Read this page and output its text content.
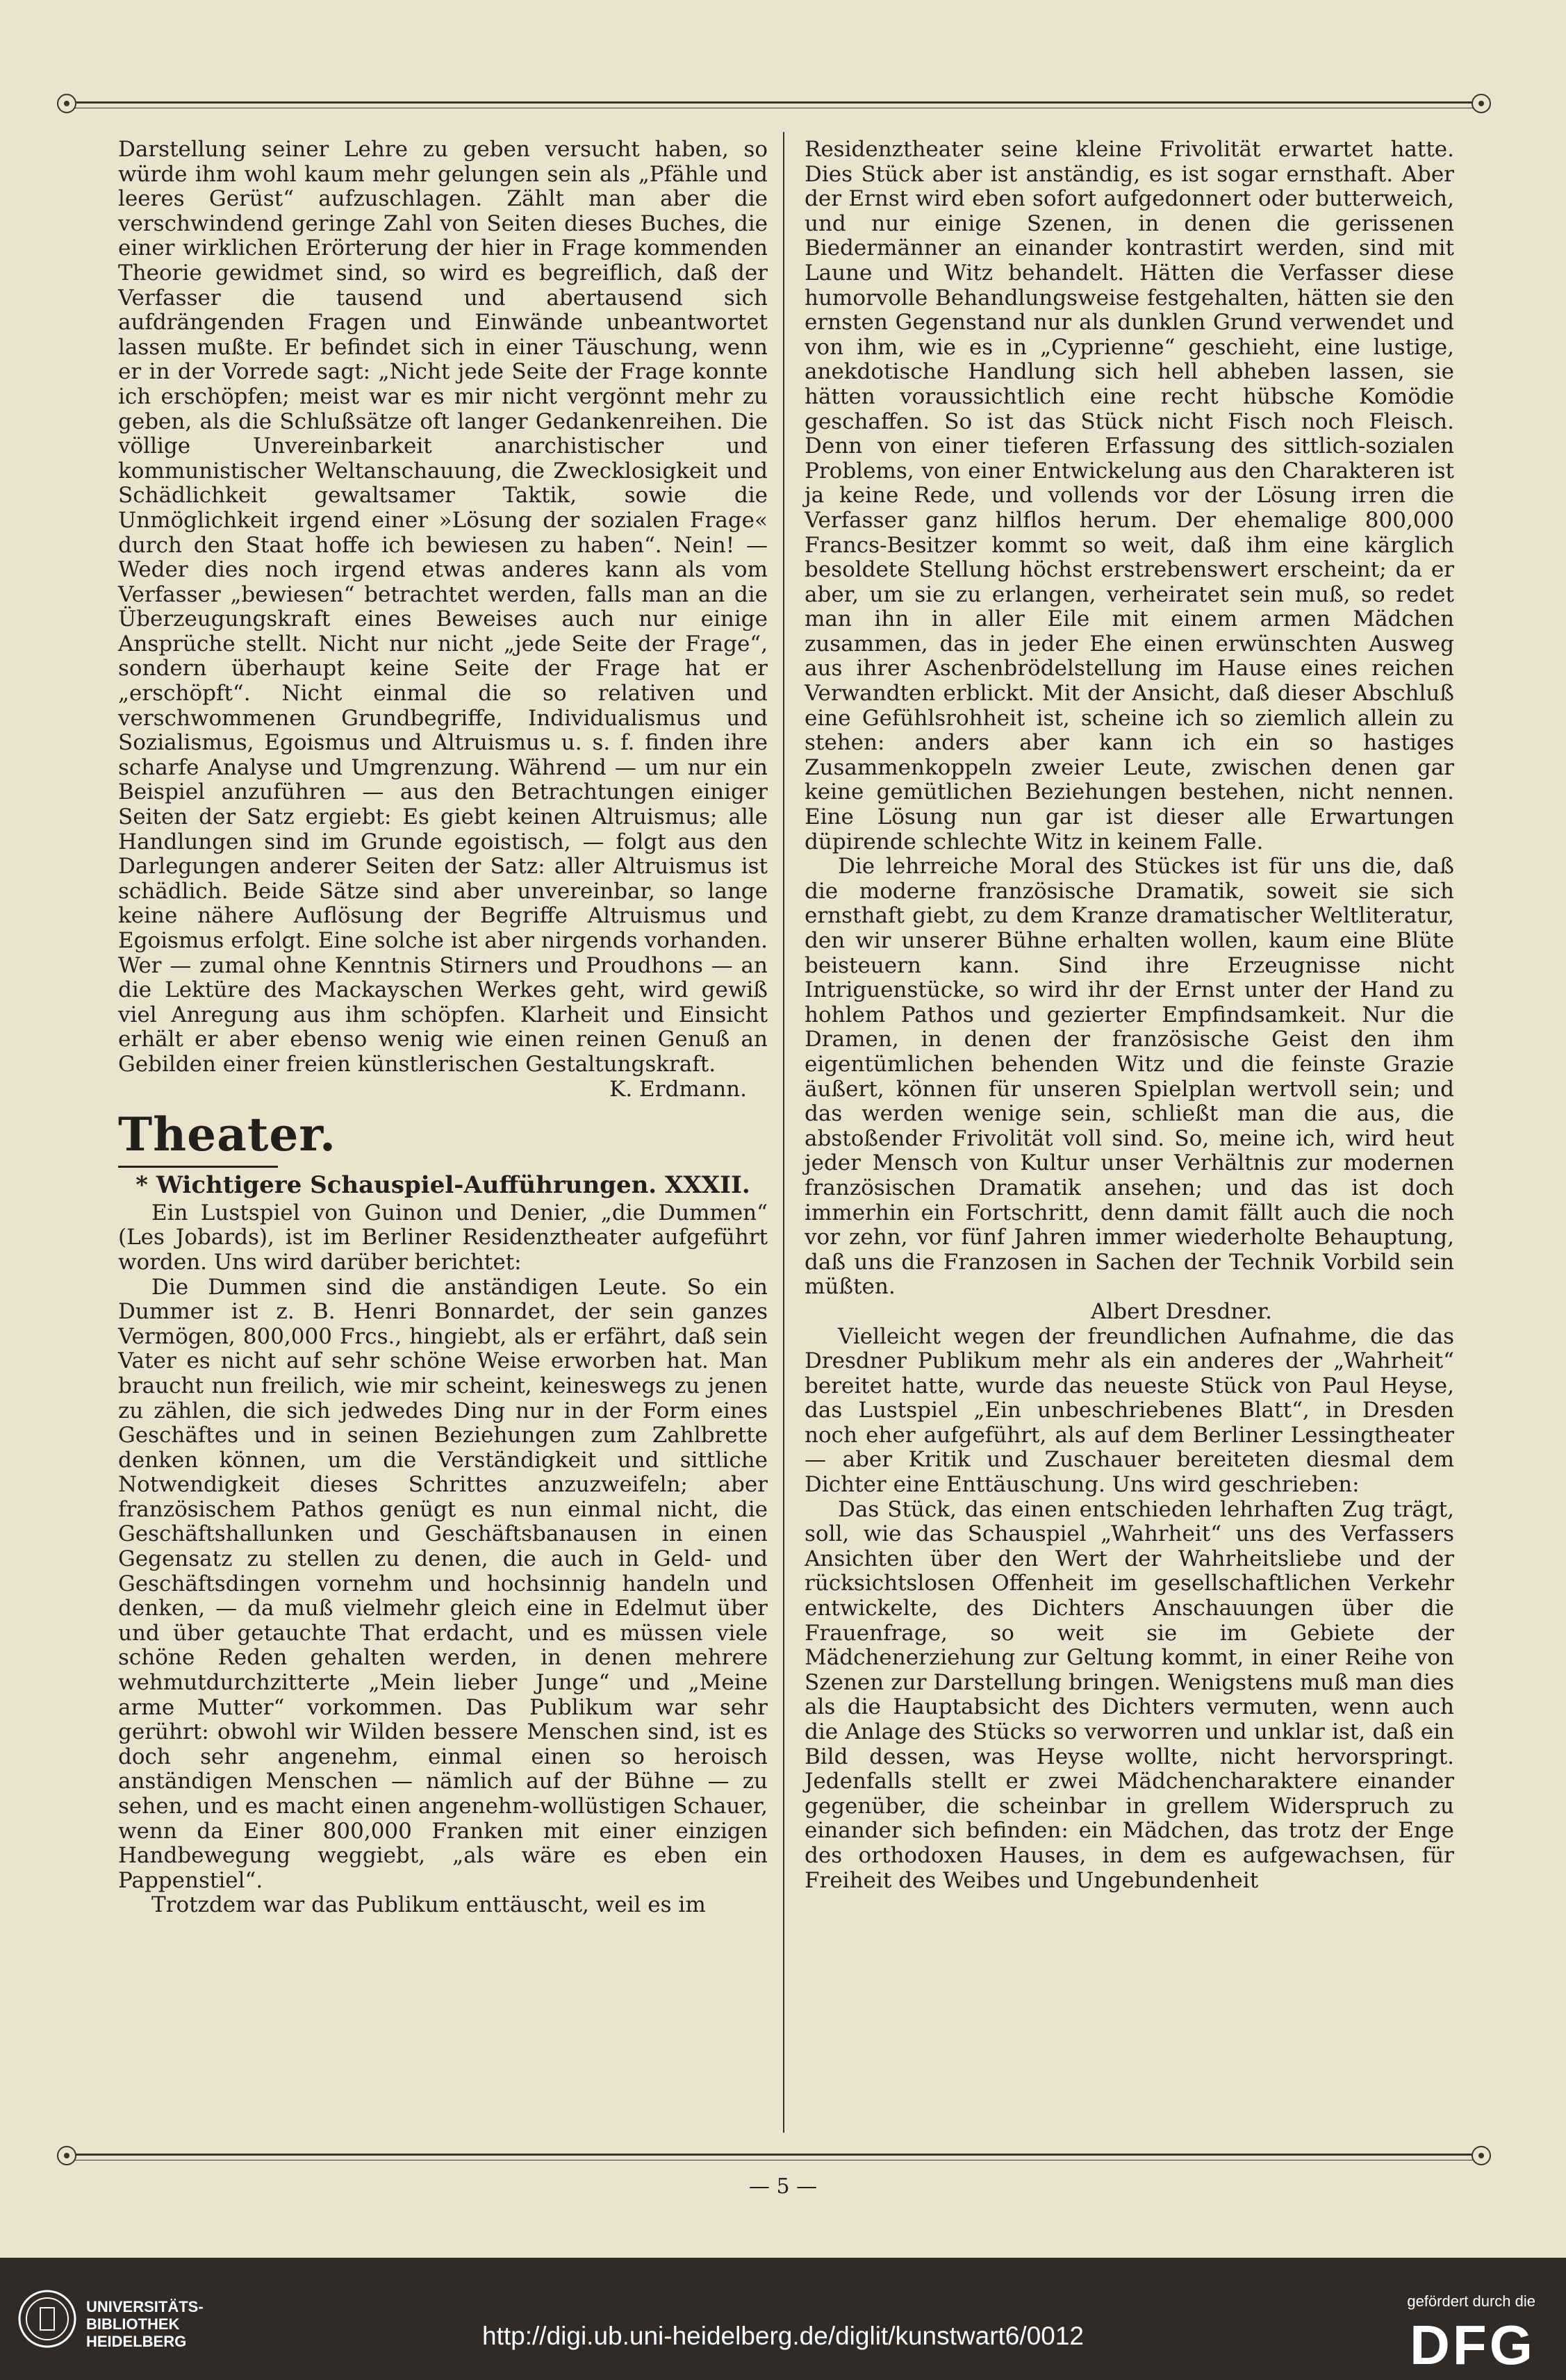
Darstellung seiner Lehre zu geben versucht haben, so würde ihm wohl kaum mehr gelungen sein als „Pfähle und leeres Gerüst“ aufzuschlagen. Zählt man aber die verschwindend geringe Zahl von Seiten dieses Buches, die einer wirklichen Erörterung der hier in Frage kommenden Theorie gewidmet sind, so wird es begreiflich, daß der Verfasser die tausend und abertausend sich aufdrängenden Fragen und Einwände unbeantwortet lassen mußte. Er befindet sich in einer Täuschung, wenn er in der Vorrede sagt: „Nicht jede Seite der Frage konnte ich erschöpfen; meist war es mir nicht vergönnt mehr zu geben, als die Schlußsätze oft langer Gedankenreihen. Die völlige Unvereinbarkeit anarchistischer und kommunistischer Weltanschauung, die Zwecklosigkeit und Schädlichkeit gewaltsamer Taktik, sowie die Unmöglichkeit irgend einer »Lösung der sozialen Frage« durch den Staat hoffe ich bewiesen zu haben“. Nein! — Weder dies noch irgend etwas anderes kann als vom Verfasser „bewiesen“ betrachtet werden, falls man an die Überzeugungskraft eines Beweises auch nur einige Ansprüche stellt. Nicht nur nicht „jede Seite der Frage“, sondern überhaupt keine Seite der Frage hat er „erschöpft“. Nicht einmal die so relativen und verschwommenen Grundbegriffe, Individualismus und Sozialismus, Egoismus und Altruismus u. s. f. finden ihre scharfe Analyse und Umgrenzung. Während — um nur ein Beispiel anzuführen — aus den Betrachtungen einiger Seiten der Satz ergiebt: Es giebt keinen Altruismus; alle Handlungen sind im Grunde egoistisch, — folgt aus den Darlegungen anderer Seiten der Satz: aller Altruismus ist schädlich. Beide Sätze sind aber unvereinbar, so lange keine nähere Auflösung der Begriffe Altruismus und Egoismus erfolgt. Eine solche ist aber nirgends vorhanden. Wer — zumal ohne Kenntnis Stirners und Proudhons — an die Lektüre des Mackayschen Werkes geht, wird gewiß viel Anregung aus ihm schöpfen. Klarheit und Einsicht erhält er aber ebenso wenig wie einen reinen Genuß an Gebilden einer freien künstlerischen Gestaltungskraft.

K. Erdmann.
Theater.
* Wichtigere Schauspiel-Aufführungen. XXXII.

Ein Lustspiel von Guinon und Denier, „die Dummen“ (Les Jobards), ist im Berliner Residenztheater aufgeführt worden. Uns wird darüber berichtet:

Die Dummen sind die anständigen Leute. So ein Dummer ist z. B. Henri Bonnardet, der sein ganzes Vermögen, 800,000 Frcs., hingiebt, als er erfährt, daß sein Vater es nicht auf sehr schöne Weise erworben hat. Man braucht nun freilich, wie mir scheint, keineswegs zu jenen zu zählen, die sich jedwedes Ding nur in der Form eines Geschäftes und in seinen Beziehungen zum Zahlbrette denken können, um die Verständigkeit und sittliche Notwendigkeit dieses Schrittes anzuzweifeln; aber französischem Pathos genügt es nun einmal nicht, die Geschäftshallunken und Geschäftsbanausen in einen Gegensatz zu stellen zu denen, die auch in Geld- und Geschäftsdingen vornehm und hochsinnig handeln und denken, — da muß vielmehr gleich eine in Edelmut über und über getauchte That erdacht, und es müssen viele schöne Reden gehalten werden, in denen mehrere wehmutdurchzitterte „Mein lieber Junge“ und „Meine arme Mutter“ vorkommen. Das Publikum war sehr gerührt: obwohl wir Wilden bessere Menschen sind, ist es doch sehr angenehm, einmal einen so heroisch anständigen Menschen — nämlich auf der Bühne — zu sehen, und es macht einen angenehm-wollüstigen Schauer, wenn da Einer 800,000 Franken mit einer einzigen Handbewegung weggiebt, „als wäre es eben ein Pappenstiel“.

Trotzdem war das Publikum enttäuscht, weil es im

Residenztheater seine kleine Frivolität erwartet hatte. Dies Stück aber ist anständig, es ist sogar ernsthaft. Aber der Ernst wird eben sofort aufgedonnert oder butterweich, und nur einige Szenen, in denen die gerissenen Biedermänner an einander kontrastirt werden, sind mit Laune und Witz behandelt. Hätten die Verfasser diese humorvolle Behandlungsweise festgehalten, hätten sie den ernsten Gegenstand nur als dunklen Grund verwendet und von ihm, wie es in „Cyprienne“ geschieht, eine lustige, anekdotische Handlung sich hell abheben lassen, sie hätten voraussichtlich eine recht hübsche Komödie geschaffen. So ist das Stück nicht Fisch noch Fleisch. Denn von einer tieferen Erfassung des sittlich-sozialen Problems, von einer Entwickelung aus den Charakteren ist ja keine Rede, und vollends vor der Lösung irren die Verfasser ganz hilflos herum. Der ehemalige 800,000 Francs-Besitzer kommt so weit, daß ihm eine kärglich besoldete Stellung höchst erstrebenswert erscheint; da er aber, um sie zu erlangen, verheiratet sein muß, so redet man ihn in aller Eile mit einem armen Mädchen zusammen, das in jeder Ehe einen erwünschten Ausweg aus ihrer Aschenbrödelstellung im Hause eines reichen Verwandten erblickt. Mit der Ansicht, daß dieser Abschluß eine Gefühlsrohheit ist, scheine ich so ziemlich allein zu stehen: anders aber kann ich ein so hastiges Zusammenkoppeln zweier Leute, zwischen denen gar keine gemütlichen Beziehungen bestehen, nicht nennen. Eine Lösung nun gar ist dieser alle Erwartungen düpirende schlechte Witz in keinem Falle.

Die lehrreiche Moral des Stückes ist für uns die, daß die moderne französische Dramatik, soweit sie sich ernsthaft giebt, zu dem Kranze dramatischer Weltliteratur, den wir unserer Bühne erhalten wollen, kaum eine Blüte beisteuern kann. Sind ihre Erzeugnisse nicht Intriguenstücke, so wird ihr der Ernst unter der Hand zu hohlem Pathos und gezierter Empfindsamkeit. Nur die Dramen, in denen der französische Geist den ihm eigentümlichen behenden Witz und die feinste Grazie äußert, können für unseren Spielplan wertvoll sein; und das werden wenige sein, schließt man die aus, die abstoßender Frivolität voll sind. So, meine ich, wird heut jeder Mensch von Kultur unser Verhältnis zur modernen französischen Dramatik ansehen; und das ist doch immerhin ein Fortschritt, denn damit fällt auch die noch vor zehn, vor fünf Jahren immer wiederholte Behauptung, daß uns die Franzosen in Sachen der Technik Vorbild sein müßten.

Albert Dresdner.

Vielleicht wegen der freundlichen Aufnahme, die das Dresdner Publikum mehr als ein anderes der „Wahrheit“ bereitet hatte, wurde das neueste Stück von Paul Heyse, das Lustspiel „Ein unbeschriebenes Blatt“, in Dresden noch eher aufgeführt, als auf dem Berliner Lessingtheater — aber Kritik und Zuschauer bereiteten diesmal dem Dichter eine Enttäuschung. Uns wird geschrieben:

Das Stück, das einen entschieden lehrhaften Zug trägt, soll, wie das Schauspiel „Wahrheit“ uns des Verfassers Ansichten über den Wert der Wahrheitsliebe und der rücksichtslosen Offenheit im gesellschaftlichen Verkehr entwickelte, des Dichters Anschauungen über die Frauenfrage, so weit sie im Gebiete der Mädchenerziehung zur Geltung kommt, in einer Reihe von Szenen zur Darstellung bringen. Wenigstens muß man dies als die Hauptabsicht des Dichters vermuten, wenn auch die Anlage des Stücks so verworren und unklar ist, daß ein Bild dessen, was Heyse wollte, nicht hervorspringt. Jedenfalls stellt er zwei Mädchencharaktere einander gegenüber, die scheinbar in grellem Widerspruch zu einander sich befinden: ein Mädchen, das trotz der Enge des orthodoxen Hauses, in dem es aufgewachsen, für Freiheit des Weibes und Ungebundenheit

— 5 —
UNIVERSITÄTS-
BIBLIOTHEK
HEIDELBERG	http://digi.ub.uni-heidelberg.de/diglit/kunstwart6/0012
gefördert durch die
DFG
